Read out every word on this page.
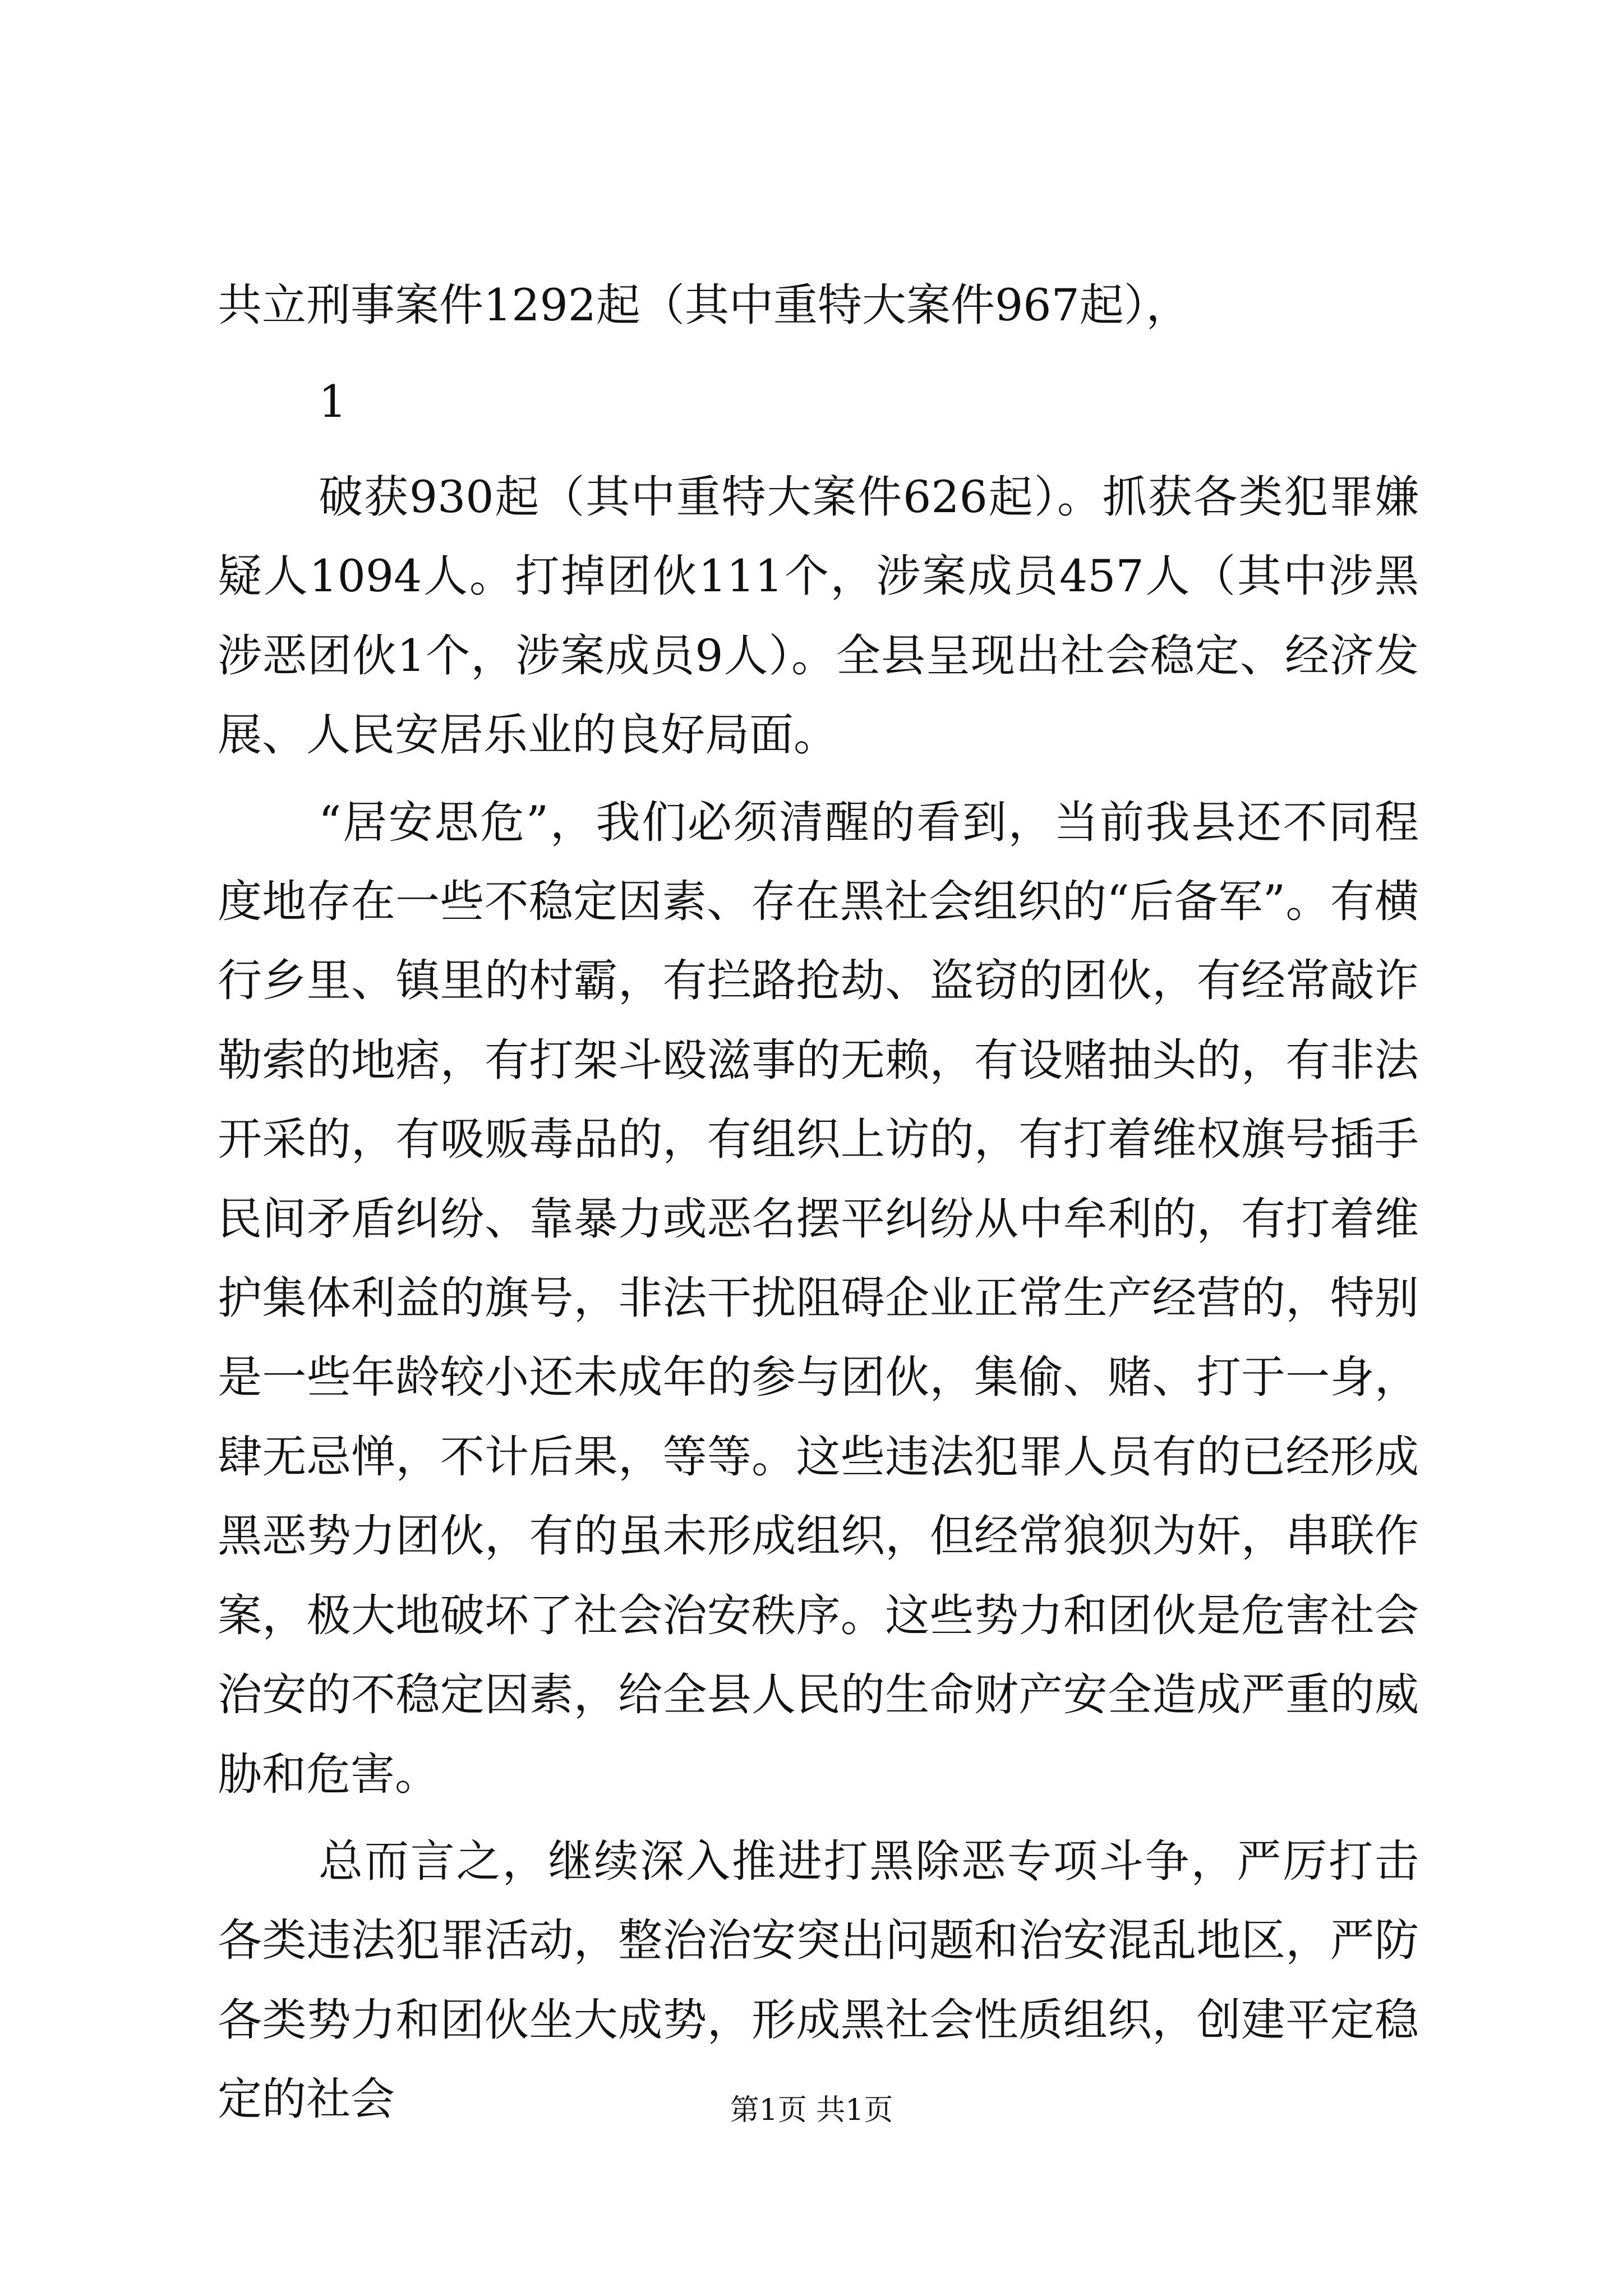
共立刑事案件1292起（其中重特大案件967起），

1

破获930起（其中重特大案件626起）。抓获各类犯罪嫌疑人1094人。打掉团伙111个，涉案成员457人（其中涉黑涉恶团伙1个，涉案成员9人）。全县呈现出社会稳定、经济发展、人民安居乐业的良好局面。

“居安思危”，我们必须清醒的看到，当前我县还不同程度地存在一些不稳定因素、存在黑社会组织的“后备军”。有横行乡里、镇里的村霸，有拦路抢劫、盗窃的团伙，有经常敲诈勒索的地痞，有打架斗殴滋事的无赖，有设赌抽头的，有非法开采的，有吸贩毒品的，有组织上访的，有打着维权旗号插手民间矛盾纠纷、靠暴力或恶名摆平纠纷从中牟利的，有打着维护集体利益的旗号，非法干扰阻碍企业正常生产经营的，特别是一些年龄较小还未成年的参与团伙，集偷、赌、打于一身，肆无忌惮，不计后果，等等。这些违法犯罪人员有的已经形成黑恶势力团伙，有的虽未形成组织，但经常狼狈为奸，串联作案，极大地破坏了社会治安秩序。这些势力和团伙是危害社会治安的不稳定因素，给全县人民的生命财产安全造成严重的威胁和危害。

总而言之，继续深入推进打黑除恶专项斗争，严厉打击各类违法犯罪活动，整治治安突出问题和治安混乱地区，严防各类势力和团伙坐大成势，形成黑社会性质组织，创建平定稳定的社会	第1页 共1页
